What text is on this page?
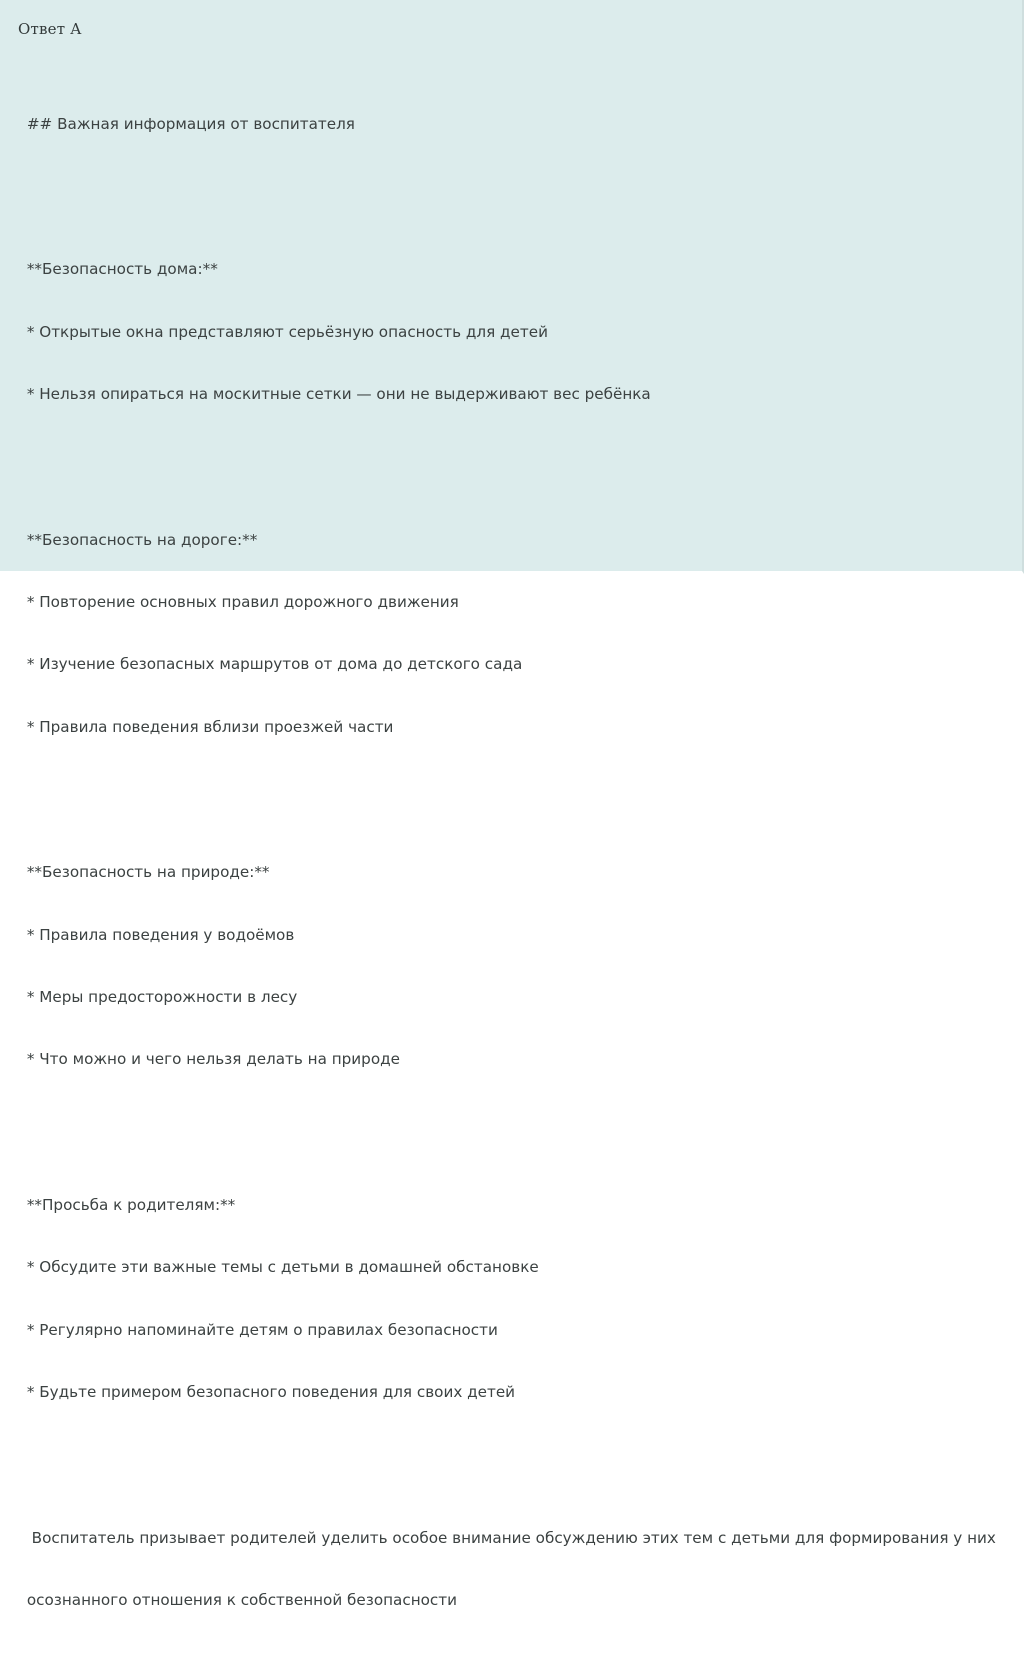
Ответ А

## Важная информация от воспитателя

**Безопасность дома:**

* Открытые окна представляют серьёзную опасность для детей

* Нельзя опираться на москитные сетки — они не выдерживают вес ребёнка

**Безопасность на дороге:**

* Повторение основных правил дорожного движения

* Изучение безопасных маршрутов от дома до детского сада

* Правила поведения вблизи проезжей части

**Безопасность на природе:**

* Правила поведения у водоёмов

* Меры предосторожности в лесу

* Что можно и чего нельзя делать на природе

**Просьба к родителям:**

* Обсудите эти важные темы с детьми в домашней обстановке

* Регулярно напоминайте детям о правилах безопасности

* Будьте примером безопасного поведения для своих детей

Воспитатель призывает родителей уделить особое внимание обсуждению этих тем с детьми для формирования у них

осознанного отношения к собственной безопасности
